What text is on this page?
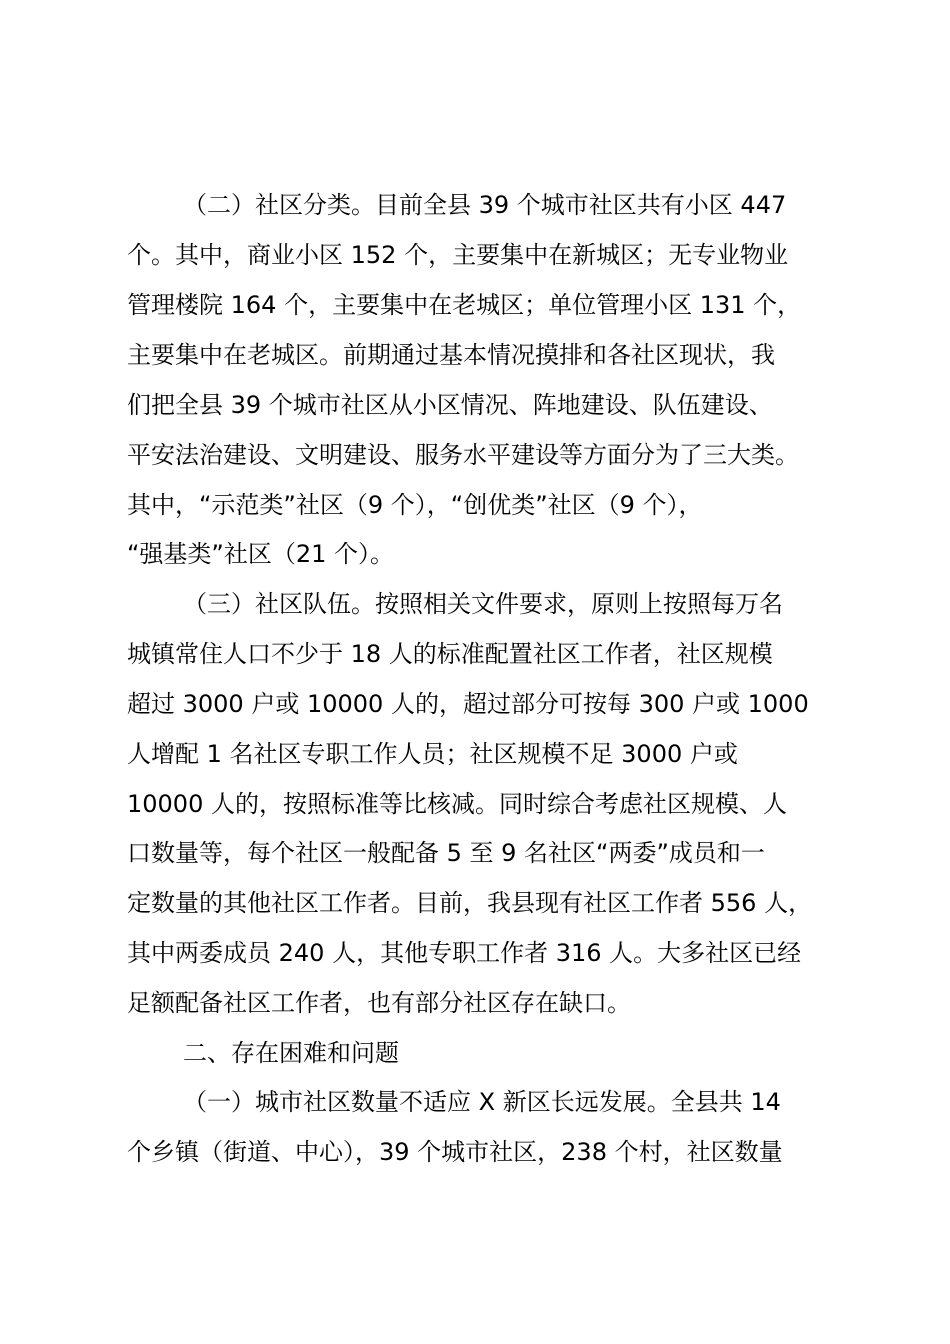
（二）社区分类。目前全县 39 个城市社区共有小区 447
个。其中，商业小区 152 个，主要集中在新城区；无专业物业
管理楼院 164 个，主要集中在老城区；单位管理小区 131 个，
主要集中在老城区。前期通过基本情况摸排和各社区现状，我
们把全县 39 个城市社区从小区情况、阵地建设、队伍建设、
平安法治建设、文明建设、服务水平建设等方面分为了三大类。
其中，“示范类”社区（9 个），“创优类”社区（9 个），
“强基类”社区（21 个）。
（三）社区队伍。按照相关文件要求，原则上按照每万名
城镇常住人口不少于 18 人的标准配置社区工作者，社区规模
超过 3000 户或 10000 人的，超过部分可按每 300 户或 1000
人增配 1 名社区专职工作人员；社区规模不足 3000 户或
10000 人的，按照标准等比核减。同时综合考虑社区规模、人
口数量等，每个社区一般配备 5 至 9 名社区“两委”成员和一
定数量的其他社区工作者。目前，我县现有社区工作者 556 人，
其中两委成员 240 人，其他专职工作者 316 人。大多社区已经
足额配备社区工作者，也有部分社区存在缺口。
二、存在困难和问题
（一）城市社区数量不适应 X 新区长远发展。全县共 14
个乡镇（街道、中心），39 个城市社区，238 个村，社区数量
